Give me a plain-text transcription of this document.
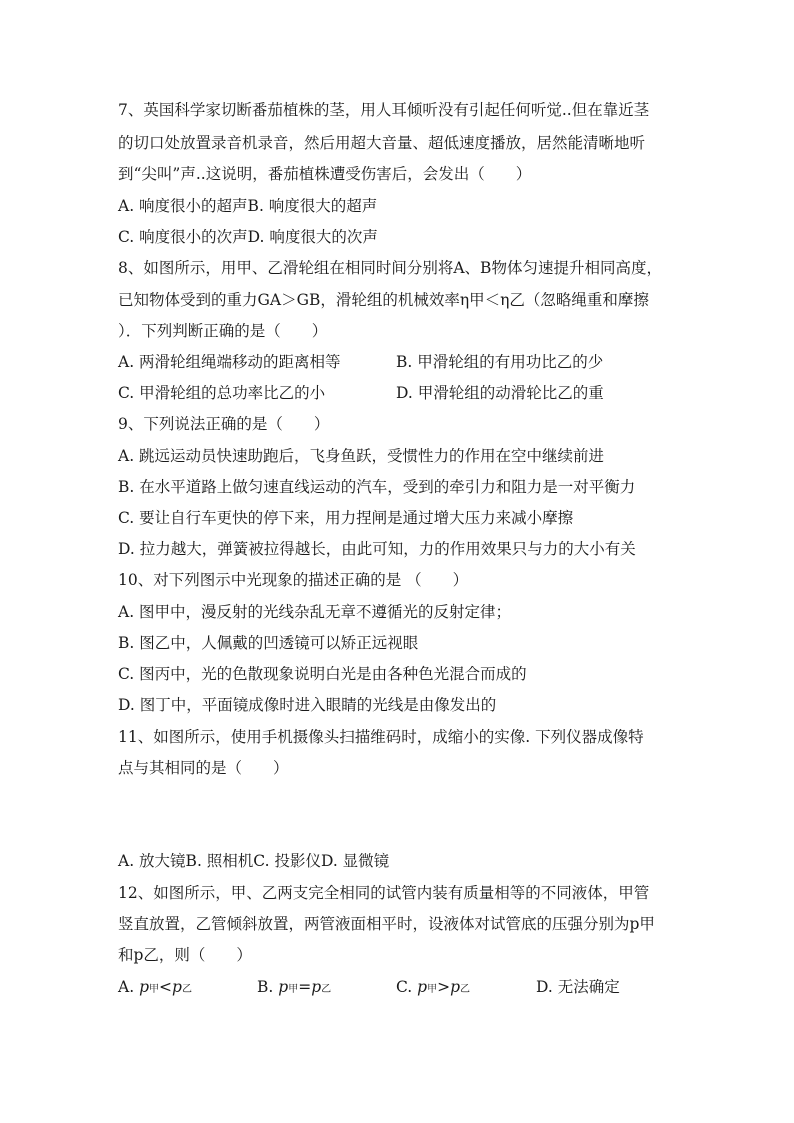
7、英国科学家切断番茄植株的茎，用人耳倾听没有引起任何听觉..但在靠近茎
的切口处放置录音机录音，然后用超大音量、超低速度播放，居然能清晰地听
到“尖叫”声..这说明，番茄植株遭受伤害后，会发出（　　）
A. 响度很小的超声B. 响度很大的超声
C. 响度很小的次声D. 响度很大的次声
8、如图所示，用甲、乙滑轮组在相同时间分别将A、B物体匀速提升相同高度，
已知物体受到的重力GA＞GB，滑轮组的机械效率η甲＜η乙（忽略绳重和摩擦
）．下列判断正确的是（　　）
A. 两滑轮组绳端移动的距离相等	B. 甲滑轮组的有用功比乙的少
C. 甲滑轮组的总功率比乙的小	D. 甲滑轮组的动滑轮比乙的重
9、下列说法正确的是（　　）
A. 跳远运动员快速助跑后，飞身鱼跃，受惯性力的作用在空中继续前进
B. 在水平道路上做匀速直线运动的汽车，受到的牵引力和阻力是一对平衡力
C. 要让自行车更快的停下来，用力捏闸是通过增大压力来减小摩擦
D. 拉力越大，弹簧被拉得越长，由此可知，力的作用效果只与力的大小有关
10、对下列图示中光现象的描述正确的是 （　　）
A. 图甲中，漫反射的光线杂乱无章不遵循光的反射定律；
B. 图乙中，人佩戴的凹透镜可以矫正远视眼
C. 图丙中，光的色散现象说明白光是由各种色光混合而成的
D. 图丁中，平面镜成像时进入眼睛的光线是由像发出的
11、如图所示，使用手机摄像头扫描维码时，成缩小的实像. 下列仪器成像特
点与其相同的是（　　）
A. 放大镜B. 照相机C. 投影仪D. 显微镜
12、如图所示，甲、乙两支完全相同的试管内装有质量相等的不同液体，甲管
竖直放置，乙管倾斜放置，两管液面相平时，设液体对试管底的压强分别为p甲
和p乙，则（　　）
A. p甲<p乙	B. p甲=p乙	C. p甲>p乙	D. 无法确定
